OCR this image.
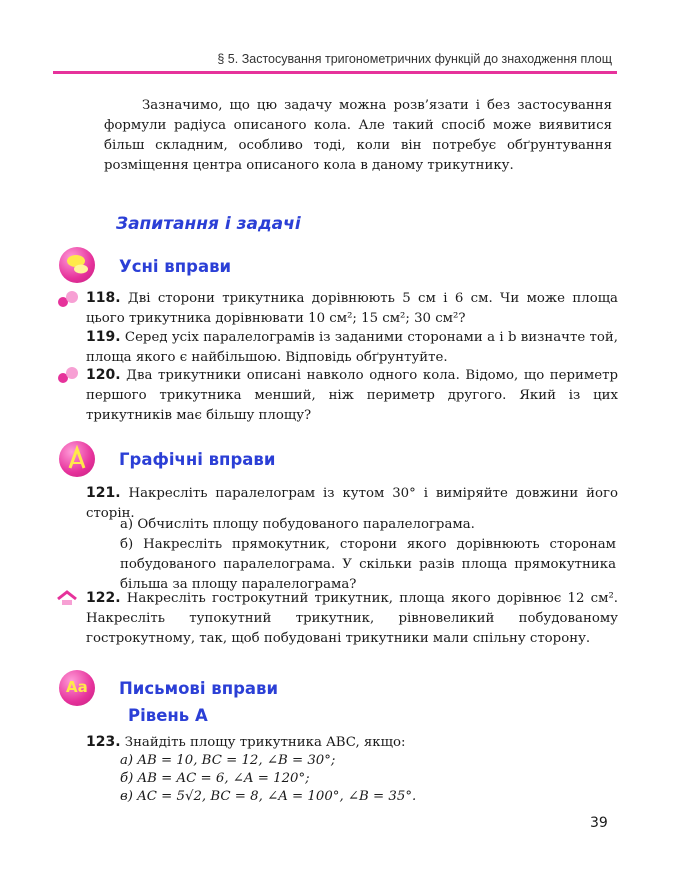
§ 5. Застосування тригонометричних функцій до знаходження площ
Зазначимо, що цю задачу можна розв’язати і без застосування формули радіуса описаного кола. Але такий спосіб може виявитися більш складним, особливо тоді, коли він потребує обґрунтування розміщення центра описаного кола в даному трикутнику.
Запитання і задачі
Усні вправи
118. Дві сторони трикутника дорівнюють 5 см і 6 см. Чи може площа цього трикутника дорівнювати 10 см²; 15 см²; 30 см²?
119. Серед усіх паралелограмів із заданими сторонами a і b визначте той, площа якого є найбільшою. Відповідь обґрунтуйте.
120. Два трикутники описані навколо одного кола. Відомо, що периметр першого трикутника менший, ніж периметр другого. Який із цих трикутників має більшу площу?
Графічні вправи
121. Накресліть паралелограм із кутом 30° і виміряйте довжини його сторін.
а) Обчисліть площу побудованого паралелограма.
б) Накресліть прямокутник, сторони якого дорівнюють сторонам побудованого паралелограма. У скільки разів площа прямокутника більша за площу паралелограма?
122. Накресліть гострокутний трикутник, площа якого дорівнює 12 см². Накресліть тупокутний трикутник, рівновеликий побудованому гострокутному, так, щоб побудовані трикутники мали спільну сторону.
Аа Письмові вправи
Рівень А
123. Знайдіть площу трикутника ABC, якщо:
а) AB = 10, BC = 12, ∠B = 30°;
б) AB = AC = 6, ∠A = 120°;
в) AC = 5√2, BC = 8, ∠A = 100°, ∠B = 35°.
39
